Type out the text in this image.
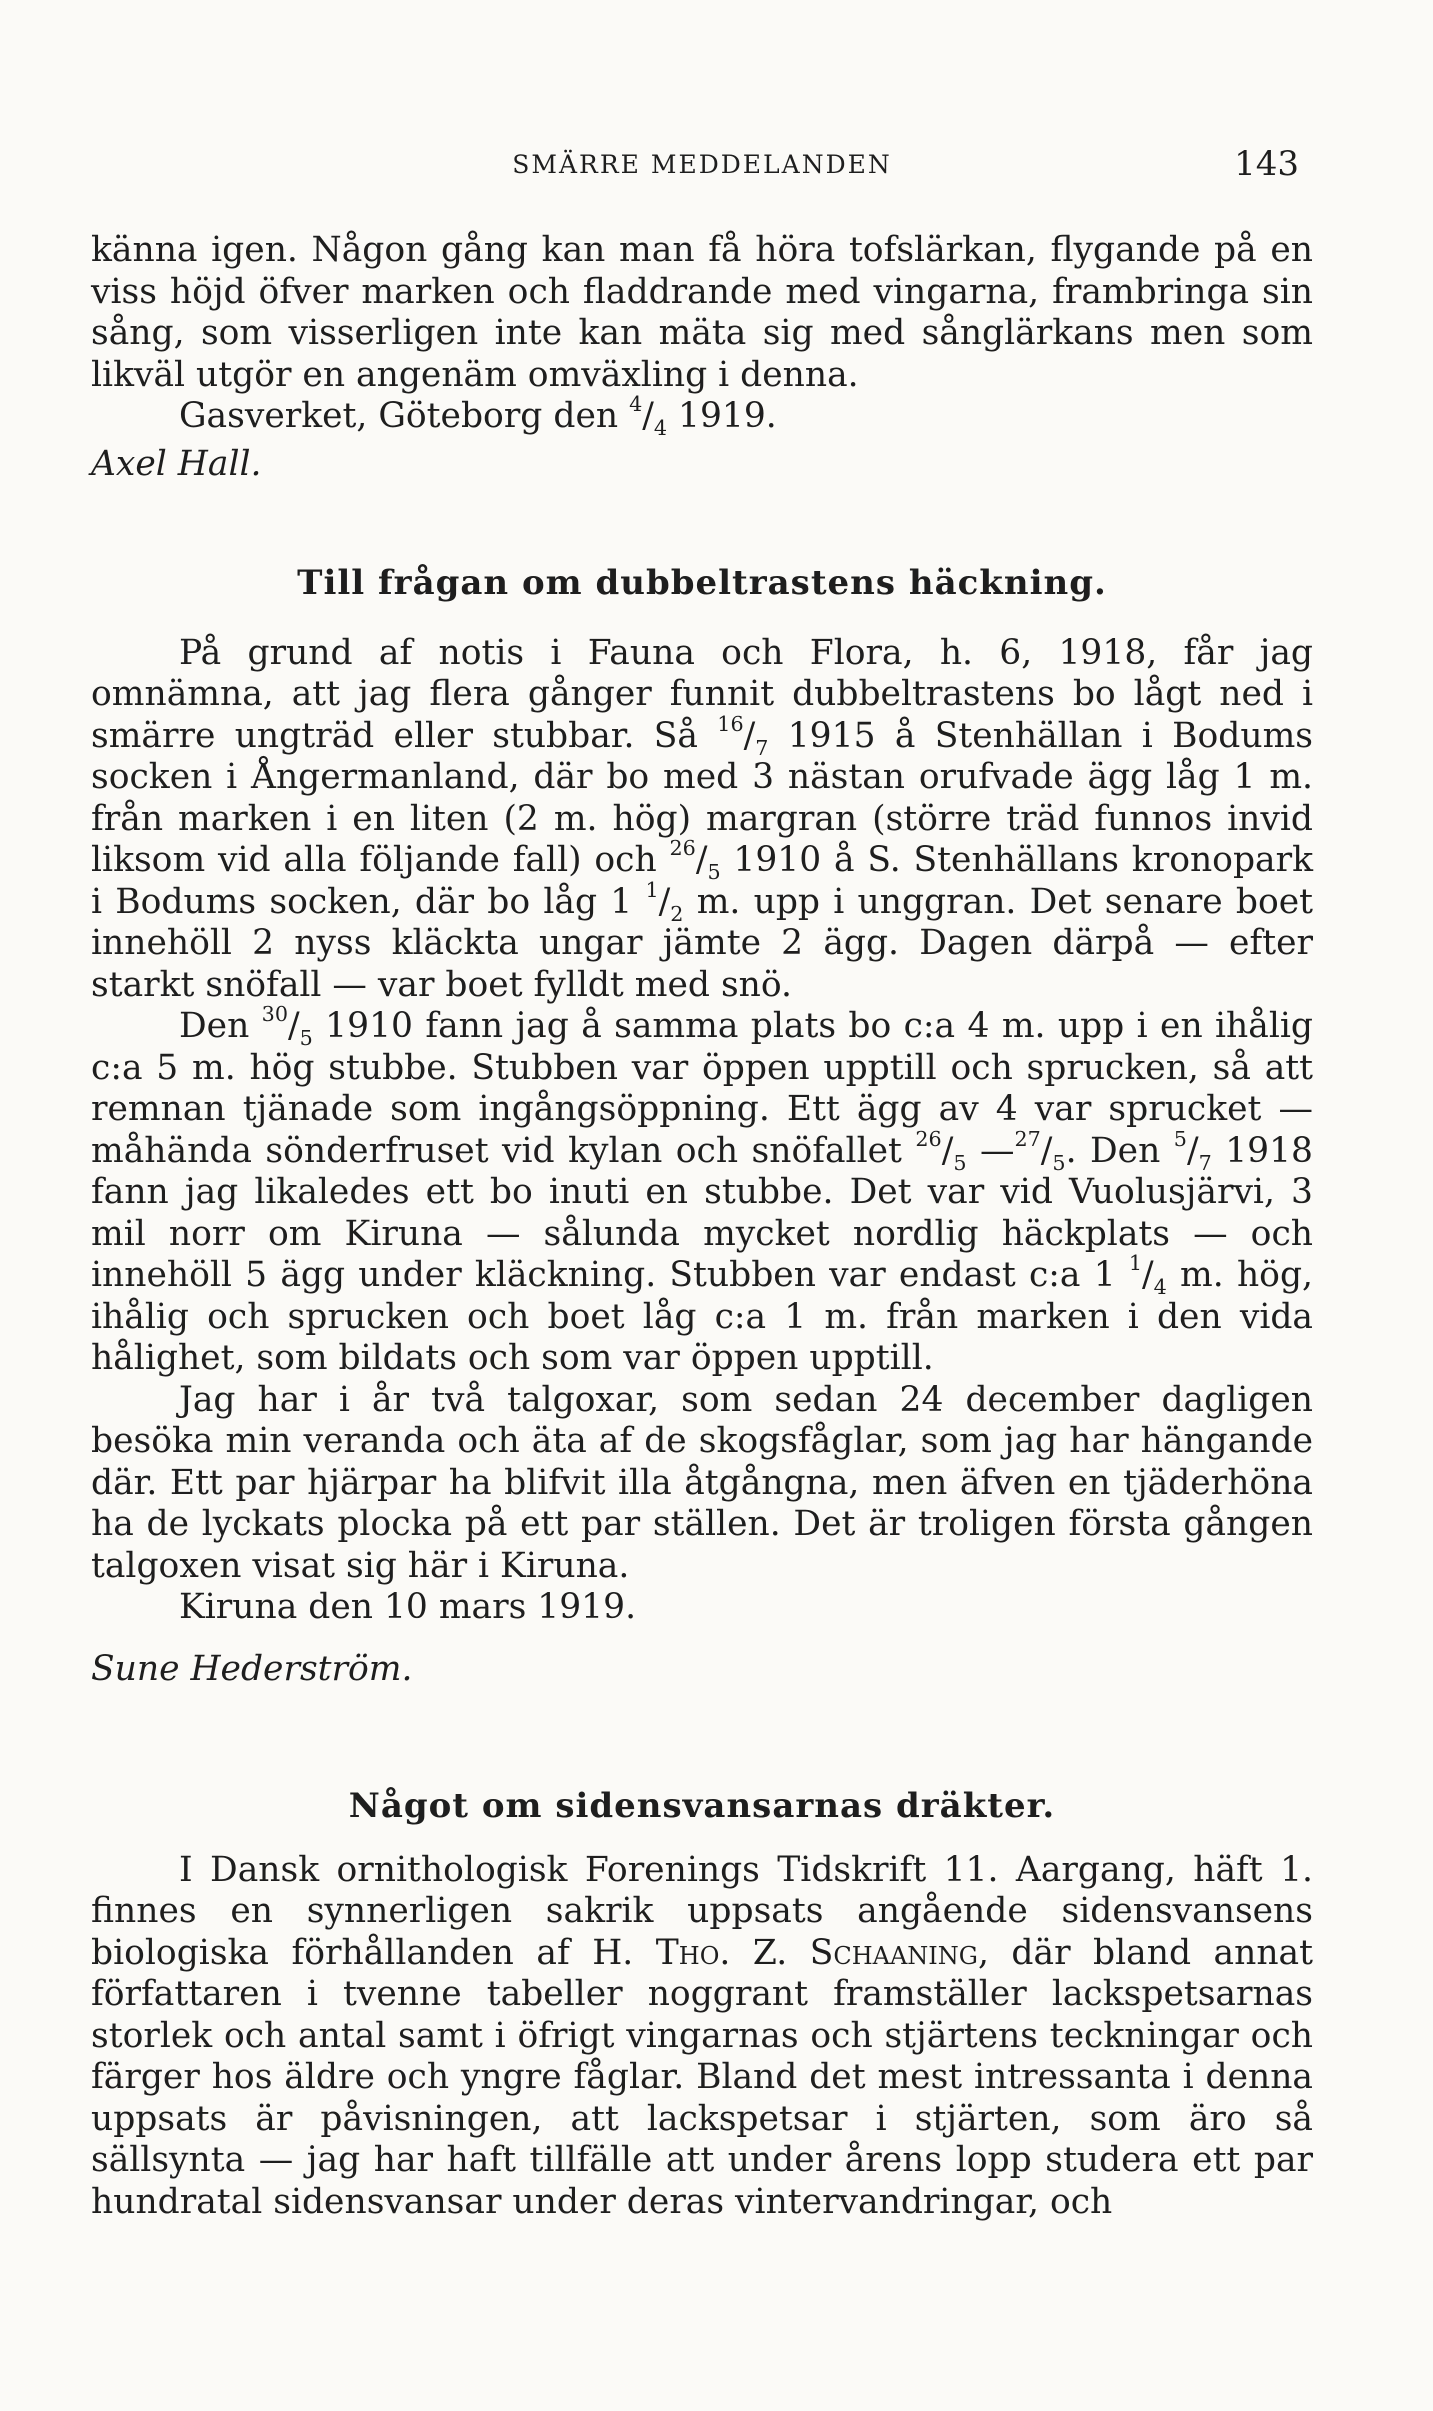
SMÄRRE MEDDELANDEN	143

känna igen. Någon gång kan man få höra tofslärkan, flygande på en viss höjd öfver marken och fladdrande med vingarna, frambringa sin sång, som visserligen inte kan mäta sig med sånglärkans men som likväl utgör en angenäm omväxling i denna.

Gasverket, Göteborg den $^4/_4$ 1919.

Axel Hall.

Till frågan om dubbeltrastens häckning.

På grund af notis i Fauna och Flora, h. 6, 1918, får jag omnämna, att jag flera gånger funnit dubbeltrastens bo lågt ned i smärre ungträd eller stubbar. Så $^{16}/_7$ 1915 å Stenhällan i Bodums socken i Ångermanland, där bo med 3 nästan orufvade ägg låg 1 m. från marken i en liten (2 m. hög) margran (större träd funnos invid liksom vid alla följande fall) och $^{26}/_5$ 1910 å S. Stenhällans kronopark i Bodums socken, där bo låg 1 $^1/_2$ m. upp i unggran. Det senare boet innehöll 2 nyss kläckta ungar jämte 2 ägg. Dagen därpå — efter starkt snöfall — var boet fylldt med snö.

Den $^{30}/_5$ 1910 fann jag å samma plats bo c:a 4 m. upp i en ihålig c:a 5 m. hög stubbe. Stubben var öppen upptill och sprucken, så att remnan tjänade som ingångsöppning. Ett ägg av 4 var sprucket — måhända sönderfruset vid kylan och snöfallet $^{26}/_5$ $—^{27}/_5$. Den $^5/_7$ 1918 fann jag likaledes ett bo inuti en stubbe. Det var vid Vuolusjärvi, 3 mil norr om Kiruna — sålunda mycket nordlig häckplats — och innehöll 5 ägg under kläckning. Stubben var endast c:a 1 $^1/_4$ m. hög, ihålig och sprucken och boet låg c:a 1 m. från marken i den vida hålighet, som bildats och som var öppen upptill.

Jag har i år två talgoxar, som sedan 24 december dagligen besöka min veranda och äta af de skogsfåglar, som jag har hängande där. Ett par hjärpar ha blifvit illa åtgångna, men äfven en tjäderhöna ha de lyckats plocka på ett par ställen. Det är troligen första gången talgoxen visat sig här i Kiruna.

Kiruna den 10 mars 1919.

Sune Hederström.

Något om sidensvansarnas dräkter.

I Dansk ornithologisk Forenings Tidskrift 11. Aargang, häft 1. finnes en synnerligen sakrik uppsats angående sidensvansens biologiska förhållanden af H. Tho. Z. Schaaning, där bland annat författaren i tvenne tabeller noggrant framställer lackspetsarnas storlek och antal samt i öfrigt vingarnas och stjärtens teckningar och färger hos äldre och yngre fåglar. Bland det mest intressanta i denna uppsats är påvisningen, att lackspetsar i stjärten, som äro så sällsynta — jag har haft tillfälle att under årens lopp studera ett par hundratal sidensvansar under deras vintervandringar, och
